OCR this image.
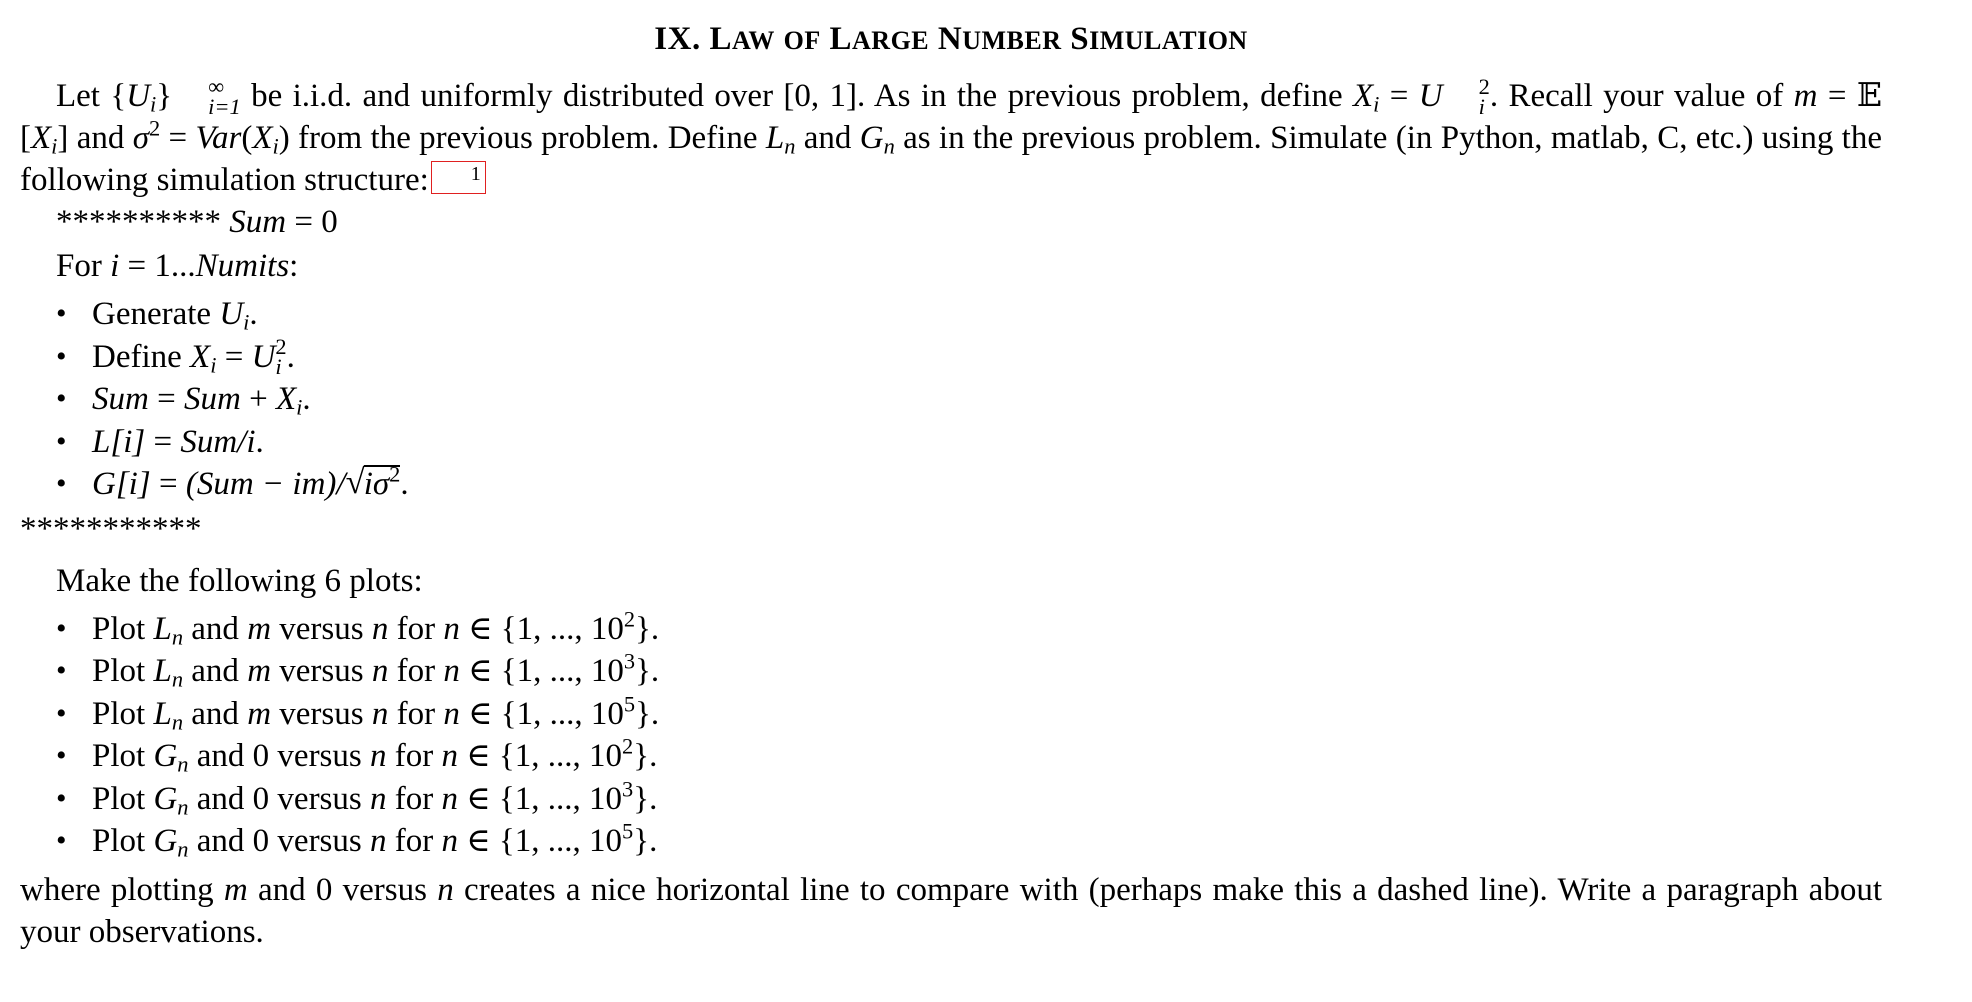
IX. LAW OF LARGE NUMBER SIMULATION

Let $\{U_i\}$	∞
i=1 be i.i.d. and uniformly distributed over [0, 1]. As in the previous problem, define $X_i = U$	2
i . Recall your value of m = 𝔼 $[X_i]$ and $\sigma^2 = Var(X_i)$ from the previous problem. Define $L_n$ and $G_n$ as in the previous problem. Simulate (in Python, matlab, C, etc.) using the following simulation structure: 1

********** Sum = 0

For i = 1...Numits:

• Generate $U_i$.
• Define $X_i = U$ 2
i .
• Sum = Sum + $X_i$.
• L[i] = Sum/i.
• G[i] = (Sum − im)/ √ $i\sigma^2$.

***********

Make the following 6 plots:

• Plot $L_n$ and m versus n for n ∈ {1, ..., $10^2$}.
• Plot $L_n$ and m versus n for n ∈ {1, ..., $10^3$}.
• Plot $L_n$ and m versus n for n ∈ {1, ..., $10^5$}.
• Plot $G_n$ and 0 versus n for n ∈ {1, ..., $10^2$}.
• Plot $G_n$ and 0 versus n for n ∈ {1, ..., $10^3$}.
• Plot $G_n$ and 0 versus n for n ∈ {1, ..., $10^5$}.

where plotting m and 0 versus n creates a nice horizontal line to compare with (perhaps make this a dashed line). Write a paragraph about your observations.
